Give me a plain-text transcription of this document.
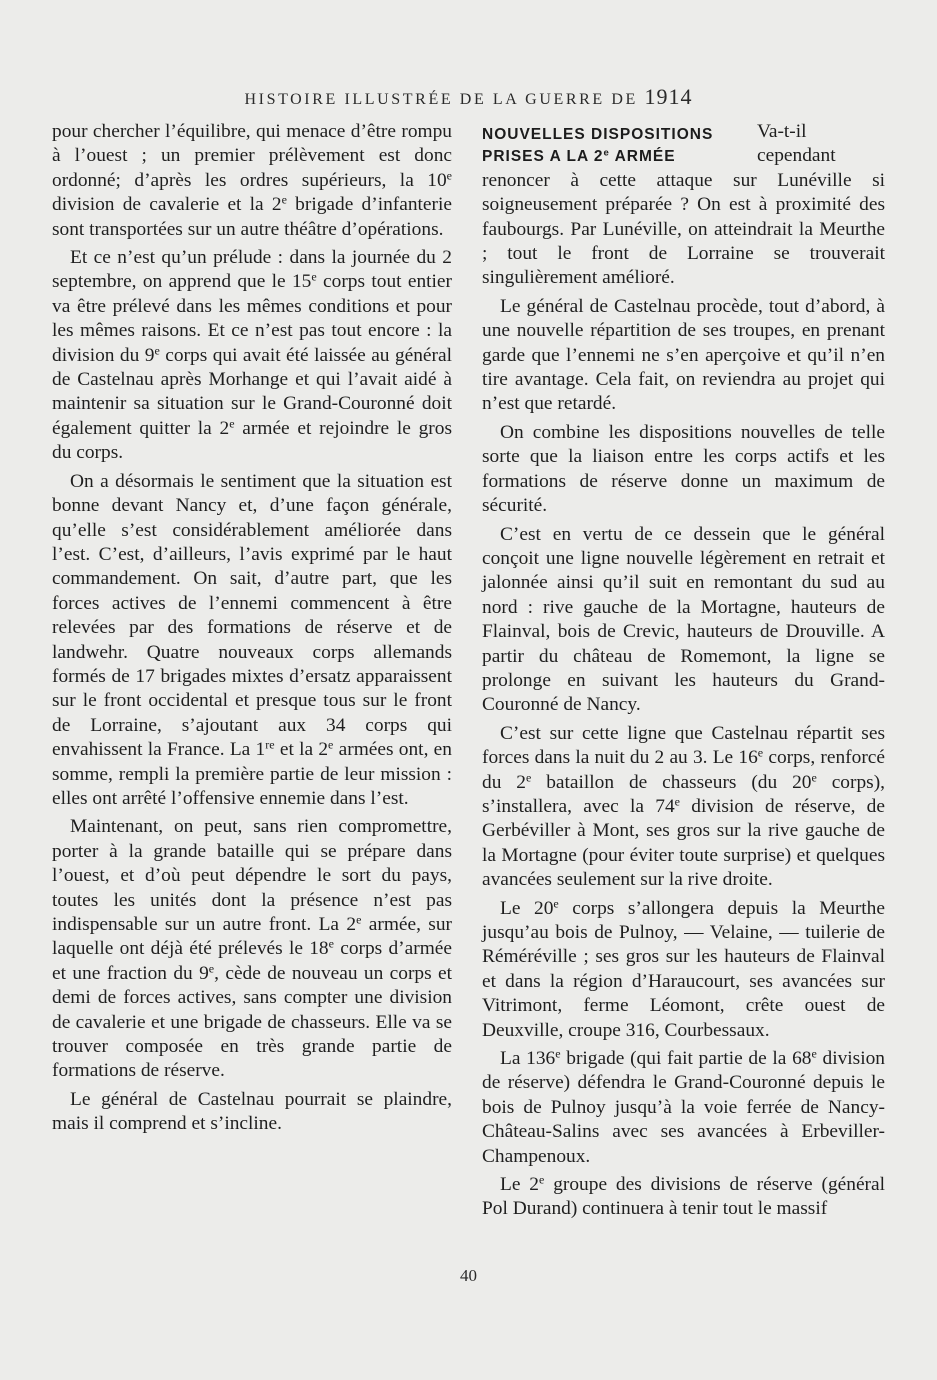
HISTOIRE ILLUSTRÉE DE LA GUERRE DE 1914

pour chercher l’équilibre, qui menace d’être rompu à l’ouest ; un premier prélèvement est donc ordonné; d’après les ordres supérieurs, la 10e division de cavalerie et la 2e brigade d’infanterie sont transportées sur un autre théâtre d’opérations.

Et ce n’est qu’un prélude : dans la journée du 2 septembre, on apprend que le 15e corps tout entier va être prélevé dans les mêmes conditions et pour les mêmes raisons. Et ce n’est pas tout encore : la division du 9e corps qui avait été laissée au général de Castelnau après Morhange et qui l’avait aidé à maintenir sa situation sur le Grand-Couronné doit également quitter la 2e armée et rejoindre le gros du corps.

On a désormais le sentiment que la situation est bonne devant Nancy et, d’une façon générale, qu’elle s’est considérablement améliorée dans l’est. C’est, d’ailleurs, l’avis exprimé par le haut commandement. On sait, d’autre part, que les forces actives de l’ennemi commencent à être relevées par des formations de réserve et de landwehr. Quatre nouveaux corps allemands formés de 17 brigades mixtes d’ersatz apparaissent sur le front occidental et presque tous sur le front de Lorraine, s’ajoutant aux 34 corps qui envahissent la France. La 1re et la 2e armées ont, en somme, rempli la première partie de leur mission : elles ont arrêté l’offensive ennemie dans l’est.

Maintenant, on peut, sans rien compromettre, porter à la grande bataille qui se prépare dans l’ouest, et d’où peut dépendre le sort du pays, toutes les unités dont la présence n’est pas indispensable sur un autre front. La 2e armée, sur laquelle ont déjà été prélevés le 18e corps d’armée et une fraction du 9e, cède de nouveau un corps et demi de forces actives, sans compter une division de cavalerie et une brigade de chasseurs. Elle va se trouver composée en très grande partie de formations de réserve.

Le général de Castelnau pourrait se plaindre, mais il comprend et s’incline.

NOUVELLES DISPOSITIONS PRISES A LA 2e ARMÉE

Va-t-il cependant renoncer à cette attaque sur Lunéville si soigneusement préparée ? On est à proximité des faubourgs. Par Lunéville, on atteindrait la Meurthe ; tout le front de Lorraine se trouverait singulièrement amélioré.

Le général de Castelnau procède, tout d’abord, à une nouvelle répartition de ses troupes, en prenant garde que l’ennemi ne s’en aperçoive et qu’il n’en tire avantage. Cela fait, on reviendra au projet qui n’est que retardé.

On combine les dispositions nouvelles de telle sorte que la liaison entre les corps actifs et les formations de réserve donne un maximum de sécurité.

C’est en vertu de ce dessein que le général conçoit une ligne nouvelle légèrement en retrait et jalonnée ainsi qu’il suit en remontant du sud au nord : rive gauche de la Mortagne, hauteurs de Flainval, bois de Crevic, hauteurs de Drouville. A partir du château de Romemont, la ligne se prolonge en suivant les hauteurs du Grand-Couronné de Nancy.

C’est sur cette ligne que Castelnau répartit ses forces dans la nuit du 2 au 3. Le 16e corps, renforcé du 2e bataillon de chasseurs (du 20e corps), s’installera, avec la 74e division de réserve, de Gerbéviller à Mont, ses gros sur la rive gauche de la Mortagne (pour éviter toute surprise) et quelques avancées seulement sur la rive droite.

Le 20e corps s’allongera depuis la Meurthe jusqu’au bois de Pulnoy, — Velaine, — tuilerie de Réméréville ; ses gros sur les hauteurs de Flainval et dans la région d’Haraucourt, ses avancées sur Vitrimont, ferme Léomont, crête ouest de Deuxville, croupe 316, Courbessaux.

La 136e brigade (qui fait partie de la 68e division de réserve) défendra le Grand-Couronné depuis le bois de Pulnoy jusqu’à la voie ferrée de Nancy-Château-Salins avec ses avancées à Erbeviller-Champenoux.

Le 2e groupe des divisions de réserve (général Pol Durand) continuera à tenir tout le massif

40
